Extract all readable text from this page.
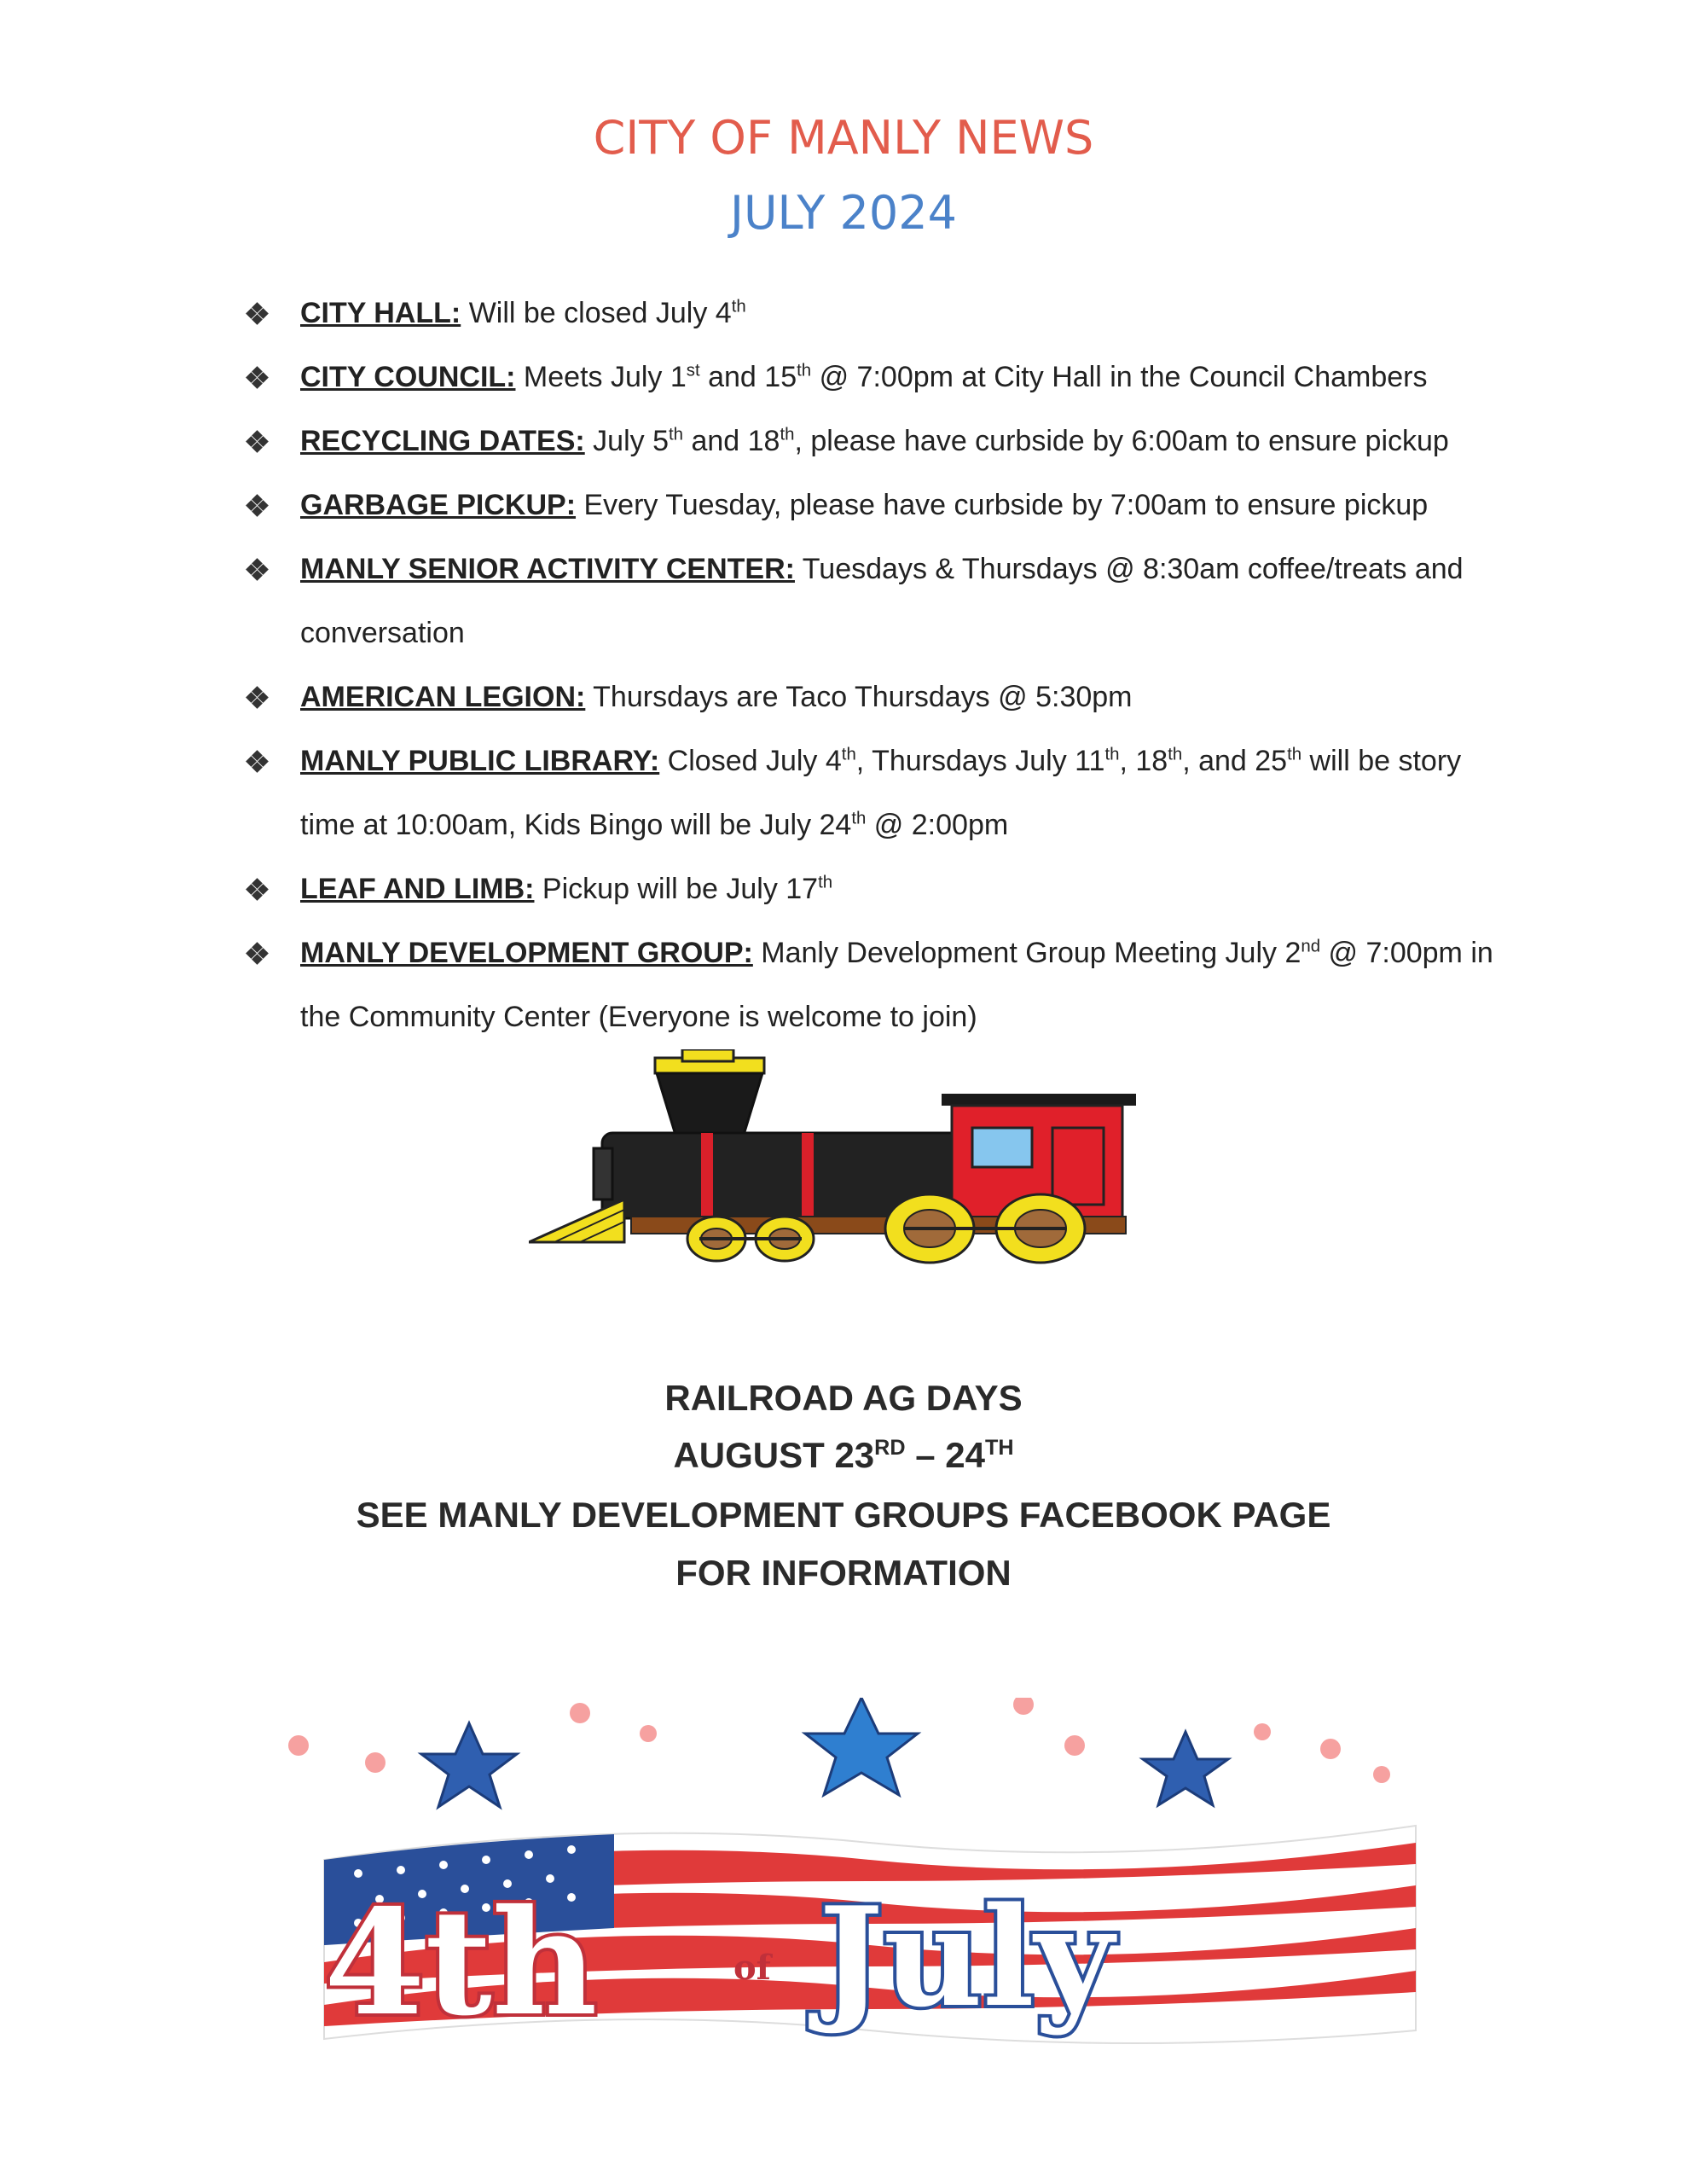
CITY OF MANLY NEWS
JULY 2024
CITY HALL: Will be closed July 4th
CITY COUNCIL: Meets July 1st and 15th @ 7:00pm at City Hall in the Council Chambers
RECYCLING DATES: July 5th and 18th, please have curbside by 6:00am to ensure pickup
GARBAGE PICKUP: Every Tuesday, please have curbside by 7:00am to ensure pickup
MANLY SENIOR ACTIVITY CENTER: Tuesdays & Thursdays @ 8:30am coffee/treats and conversation
AMERICAN LEGION: Thursdays are Taco Thursdays @ 5:30pm
MANLY PUBLIC LIBRARY: Closed July 4th, Thursdays July 11th, 18th, and 25th will be story time at 10:00am, Kids Bingo will be July 24th @ 2:00pm
LEAF AND LIMB: Pickup will be July 17th
MANLY DEVELOPMENT GROUP: Manly Development Group Meeting July 2nd @ 7:00pm in the Community Center (Everyone is welcome to join)

RAILROAD AG DAYS

AUGUST 23RD – 24TH

SEE MANLY DEVELOPMENT GROUPS FACEBOOK PAGE

FOR INFORMATION

4th	of July
